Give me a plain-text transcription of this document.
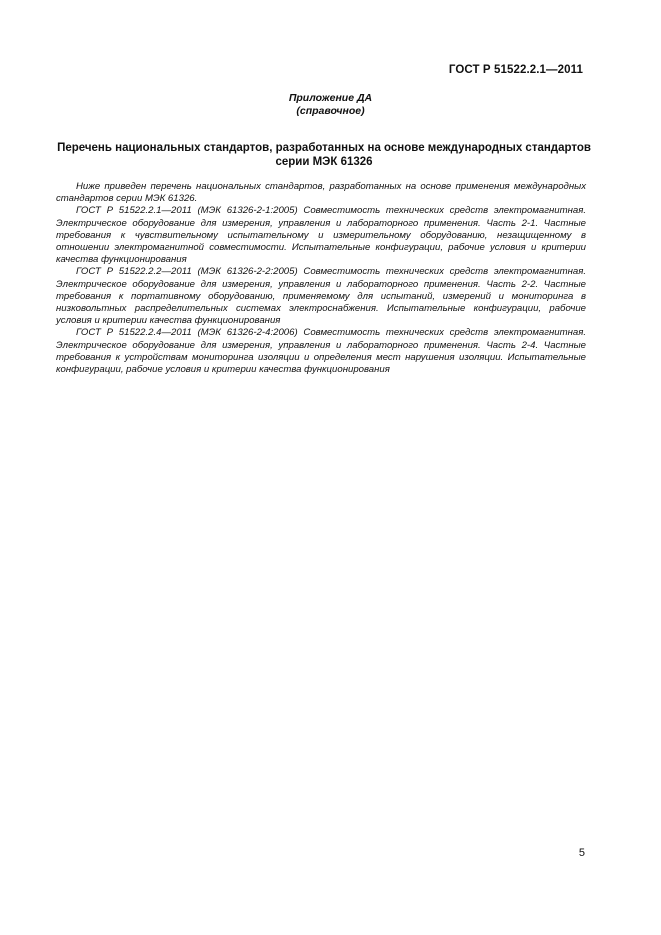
ГОСТ Р 51522.2.1—2011
Приложение ДА
(справочное)
Перечень национальных стандартов, разработанных на основе международных стандартов
серии МЭК 61326

Ниже приведен перечень национальных стандартов, разработанных на основе применения международных стандартов серии МЭК 61326.

ГОСТ Р 51522.2.1—2011 (МЭК 61326-2-1:2005) Совместимость технических средств электромагнитная. Электрическое оборудование для измерения, управления и лабораторного применения. Часть 2-1. Частные требования к чувствительному испытательному и измерительному оборудованию, незащищенному в отношении электромагнитной совместимости. Испытательные конфигурации, рабочие условия и критерии качества функционирования

ГОСТ Р 51522.2.2—2011 (МЭК 61326-2-2:2005) Совместимость технических средств электромагнитная. Электрическое оборудование для измерения, управления и лабораторного применения. Часть 2-2. Частные требования к портативному оборудованию, применяемому для испытаний, измерений и мониторинга в низковольтных распределительных системах электроснабжения. Испытательные конфигурации, рабочие условия и критерии качества функционирования

ГОСТ Р 51522.2.4—2011 (МЭК 61326-2-4:2006) Совместимость технических средств электромагнитная. Электрическое оборудование для измерения, управления и лабораторного применения. Часть 2-4. Частные требования к устройствам мониторинга изоляции и определения мест нарушения изоляции. Испытательные конфигурации, рабочие условия и критерии качества функционирования

5
